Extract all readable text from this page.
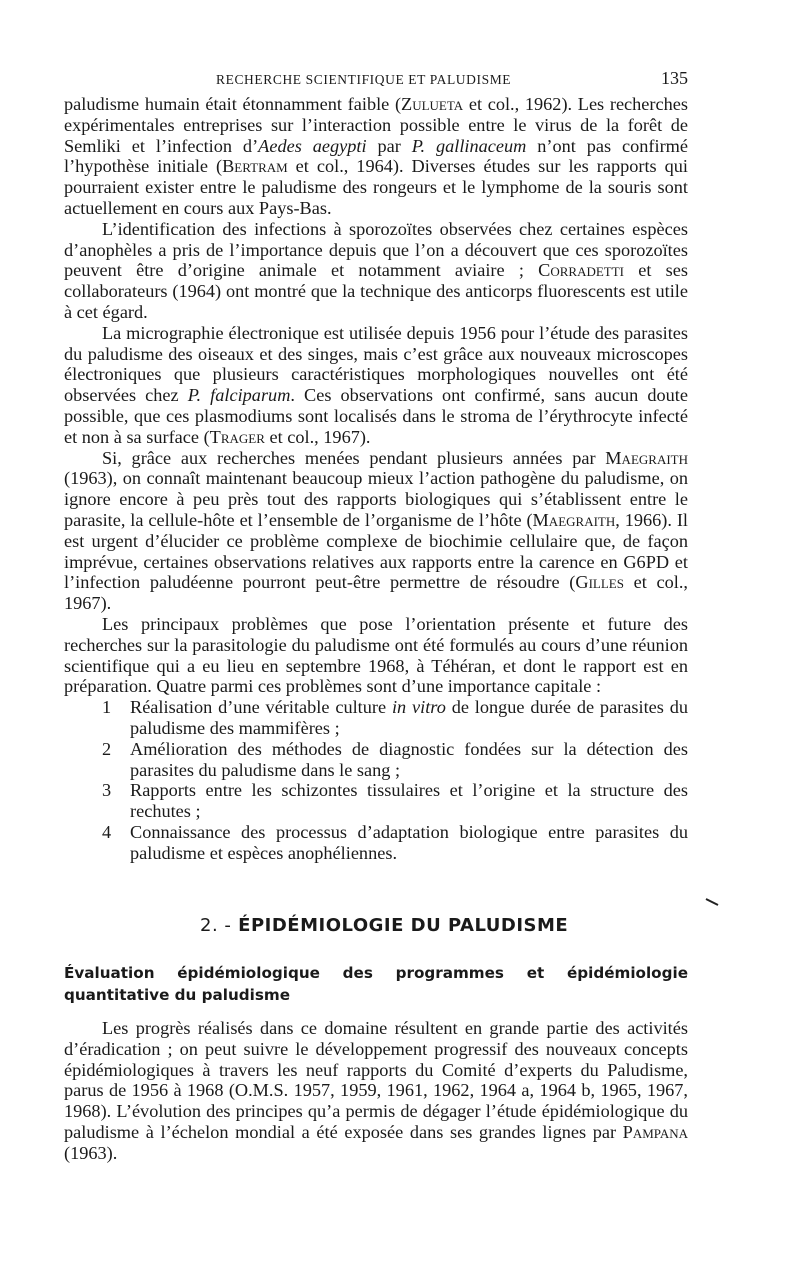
RECHERCHE SCIENTIFIQUE ET PALUDISME	135

paludisme humain était étonnamment faible (Zulueta et col., 1962). Les recherches expérimentales entreprises sur l’interaction possible entre le virus de la forêt de Semliki et l’infection d’Aedes aegypti par P. gallinaceum n’ont pas confirmé l’hypothèse initiale (Bertram et col., 1964). Diverses études sur les rapports qui pourraient exister entre le paludisme des rongeurs et le lymphome de la souris sont actuellement en cours aux Pays-Bas.

L’identification des infections à sporozoïtes observées chez certaines espèces d’anophèles a pris de l’importance depuis que l’on a découvert que ces sporozoïtes peuvent être d’origine animale et notamment aviaire ; Corradetti et ses collaborateurs (1964) ont montré que la technique des anticorps fluorescents est utile à cet égard.

La micrographie électronique est utilisée depuis 1956 pour l’étude des parasites du paludisme des oiseaux et des singes, mais c’est grâce aux nouveaux microscopes électroniques que plusieurs caractéristiques morphologiques nouvelles ont été observées chez P. falciparum. Ces observations ont confirmé, sans aucun doute possible, que ces plasmodiums sont localisés dans le stroma de l’érythrocyte infecté et non à sa surface (Trager et col., 1967).

Si, grâce aux recherches menées pendant plusieurs années par Maegraith (1963), on connaît maintenant beaucoup mieux l’action pathogène du paludisme, on ignore encore à peu près tout des rapports biologiques qui s’établissent entre le parasite, la cellule-hôte et l’ensemble de l’organisme de l’hôte (Maegraith, 1966). Il est urgent d’élucider ce problème complexe de biochimie cellulaire que, de façon imprévue, certaines observations relatives aux rapports entre la carence en G6PD et l’infection paludéenne pourront peut-être permettre de résoudre (Gilles et col., 1967).

Les principaux problèmes que pose l’orientation présente et future des recherches sur la parasitologie du paludisme ont été formulés au cours d’une réunion scientifique qui a eu lieu en septembre 1968, à Téhéran, et dont le rapport est en préparation. Quatre parmi ces problèmes sont d’une importance capitale :

1 Réalisation d’une véritable culture in vitro de longue durée de parasites du paludisme des mammifères ;
2 Amélioration des méthodes de diagnostic fondées sur la détection des parasites du paludisme dans le sang ;
3 Rapports entre les schizontes tissulaires et l’origine et la structure des rechutes ;
4 Connaissance des processus d’adaptation biologique entre parasites du paludisme et espèces anophéliennes.
2. - ÉPIDÉMIOLOGIE DU PALUDISME
Évaluation épidémiologique des programmes et épidémiologie quantitative du paludisme

Les progrès réalisés dans ce domaine résultent en grande partie des activités d’éradication ; on peut suivre le développement progressif des nouveaux concepts épidémiologiques à travers les neuf rapports du Comité d’experts du Paludisme, parus de 1956 à 1968 (O.M.S. 1957, 1959, 1961, 1962, 1964 a, 1964 b, 1965, 1967, 1968). L’évolution des principes qu’a permis de dégager l’étude épidémiologique du paludisme à l’échelon mondial a été exposée dans ses grandes lignes par Pampana (1963).
